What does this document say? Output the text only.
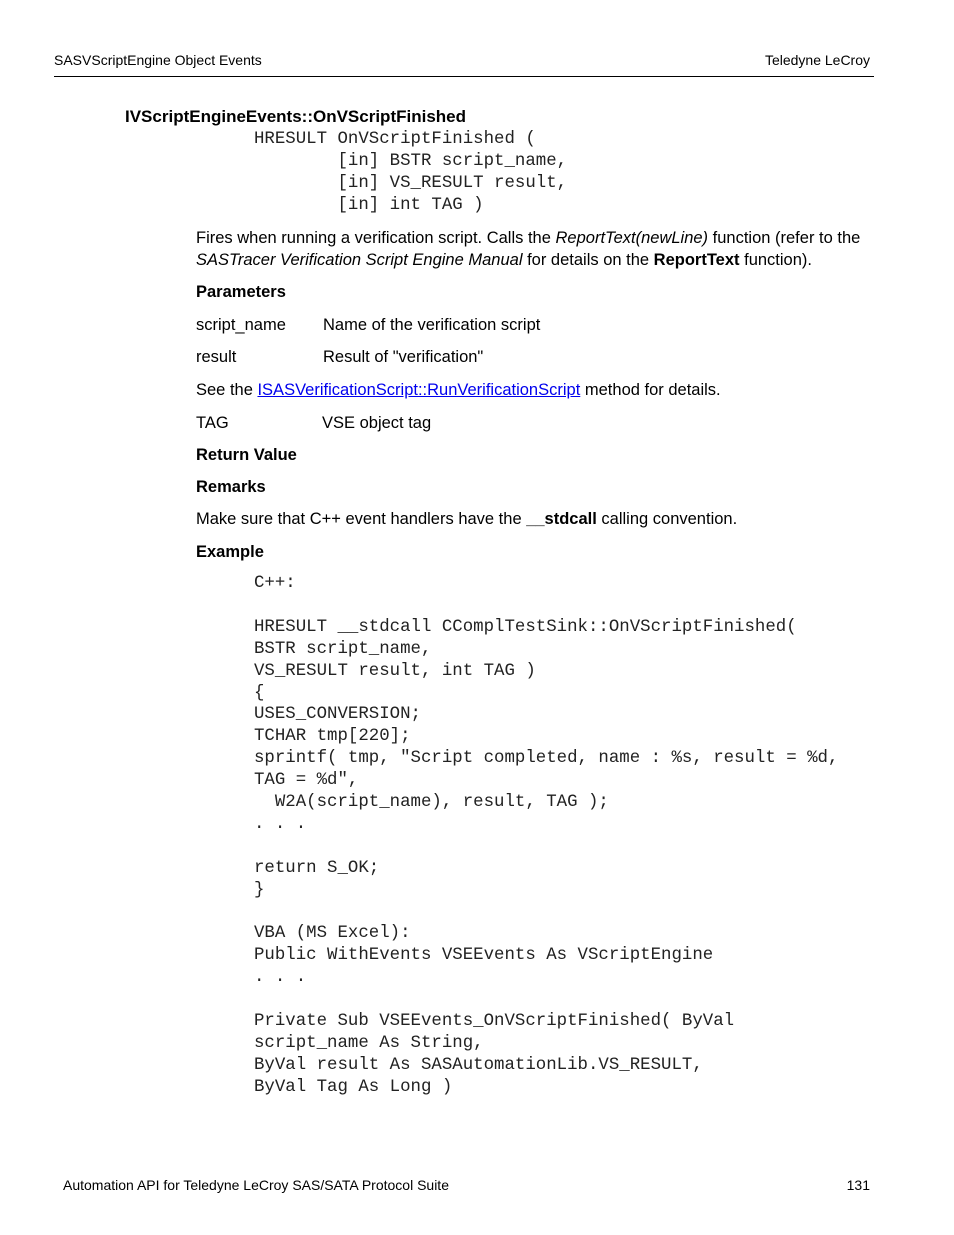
SASVScriptEngine Object Events	Teledyne LeCroy
IVScriptEngineEvents::OnVScriptFinished
HRESULT OnVScriptFinished (
[in] BSTR script_name,
[in] VS_RESULT result,
[in] int TAG )
Fires when running a verification script. Calls the ReportText(newLine) function (refer to the SASTracer Verification Script Engine Manual for details on the ReportText function).
Parameters
script_name Name of the verification script
result	Result of "verification"
See the ISASVerificationScript::RunVerificationScript method for details.
TAG	VSE object tag
Return Value
Remarks
Make sure that C++ event handlers have the __stdcall calling convention.
Example
C++:
HRESULT __stdcall CComplTestSink::OnVScriptFinished(
BSTR script_name,
VS_RESULT result, int TAG )
{
USES_CONVERSION;
TCHAR tmp[220];
sprintf( tmp, "Script completed, name : %s, result = %d,
TAG = %d",
W2A(script_name), result, TAG );
. . .
return S_OK;
}
VBA (MS Excel):
Public WithEvents VSEEvents As VScriptEngine
. . .
Private Sub VSEEvents_OnVScriptFinished( ByVal
script_name As String,
ByVal result As SASAutomationLib.VS_RESULT,
ByVal Tag As Long )
Automation API for Teledyne LeCroy SAS/SATA Protocol Suite	131
